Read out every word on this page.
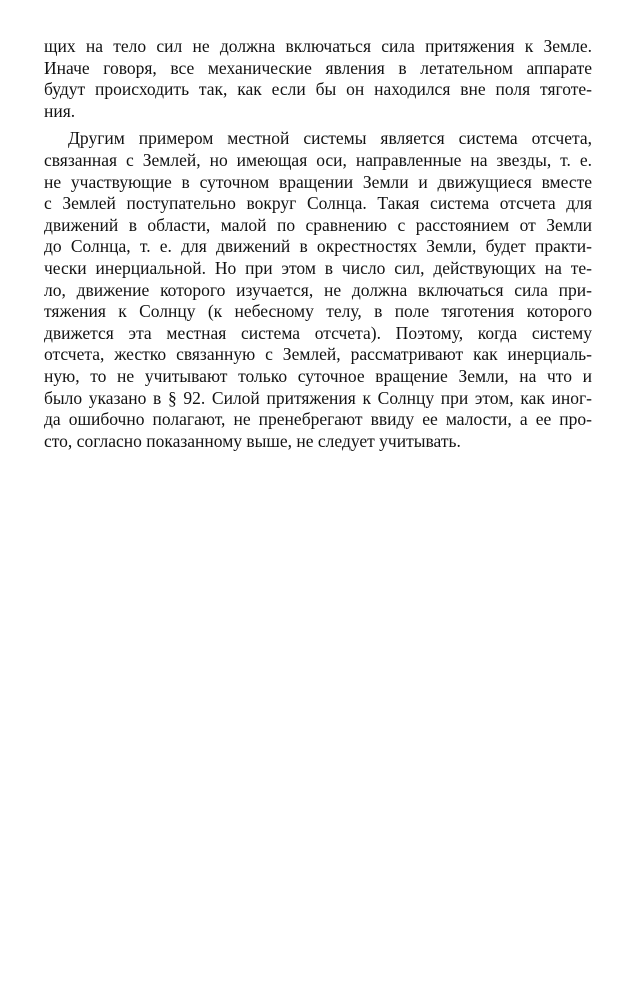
щих на тело сил не должна включаться сила притяжения к Земле.
Иначе говоря, все механические явления в летательном аппарате
будут происходить так, как если бы он находился вне поля тяготе-
ния.
Другим примером местной системы является система отсчета,
связанная с Землей, но имеющая оси, направленные на звезды, т. е.
не участвующие в суточном вращении Земли и движущиеся вместе
с Землей поступательно вокруг Солнца. Такая система отсчета для
движений в области, малой по сравнению с расстоянием от Земли
до Солнца, т. е. для движений в окрестностях Земли, будет практи-
чески инерциальной. Но при этом в число сил, действующих на те-
ло, движение которого изучается, не должна включаться сила при-
тяжения к Солнцу (к небесному телу, в поле тяготения которого
движется эта местная система отсчета). Поэтому, когда систему
отсчета, жестко связанную с Землей, рассматривают как инерциаль-
ную, то не учитывают только суточное вращение Земли, на что и
было указано в § 92. Силой притяжения к Солнцу при этом, как иног-
да ошибочно полагают, не пренебрегают ввиду ее малости, а ее про-
сто, согласно показанному выше, не следует учитывать.
